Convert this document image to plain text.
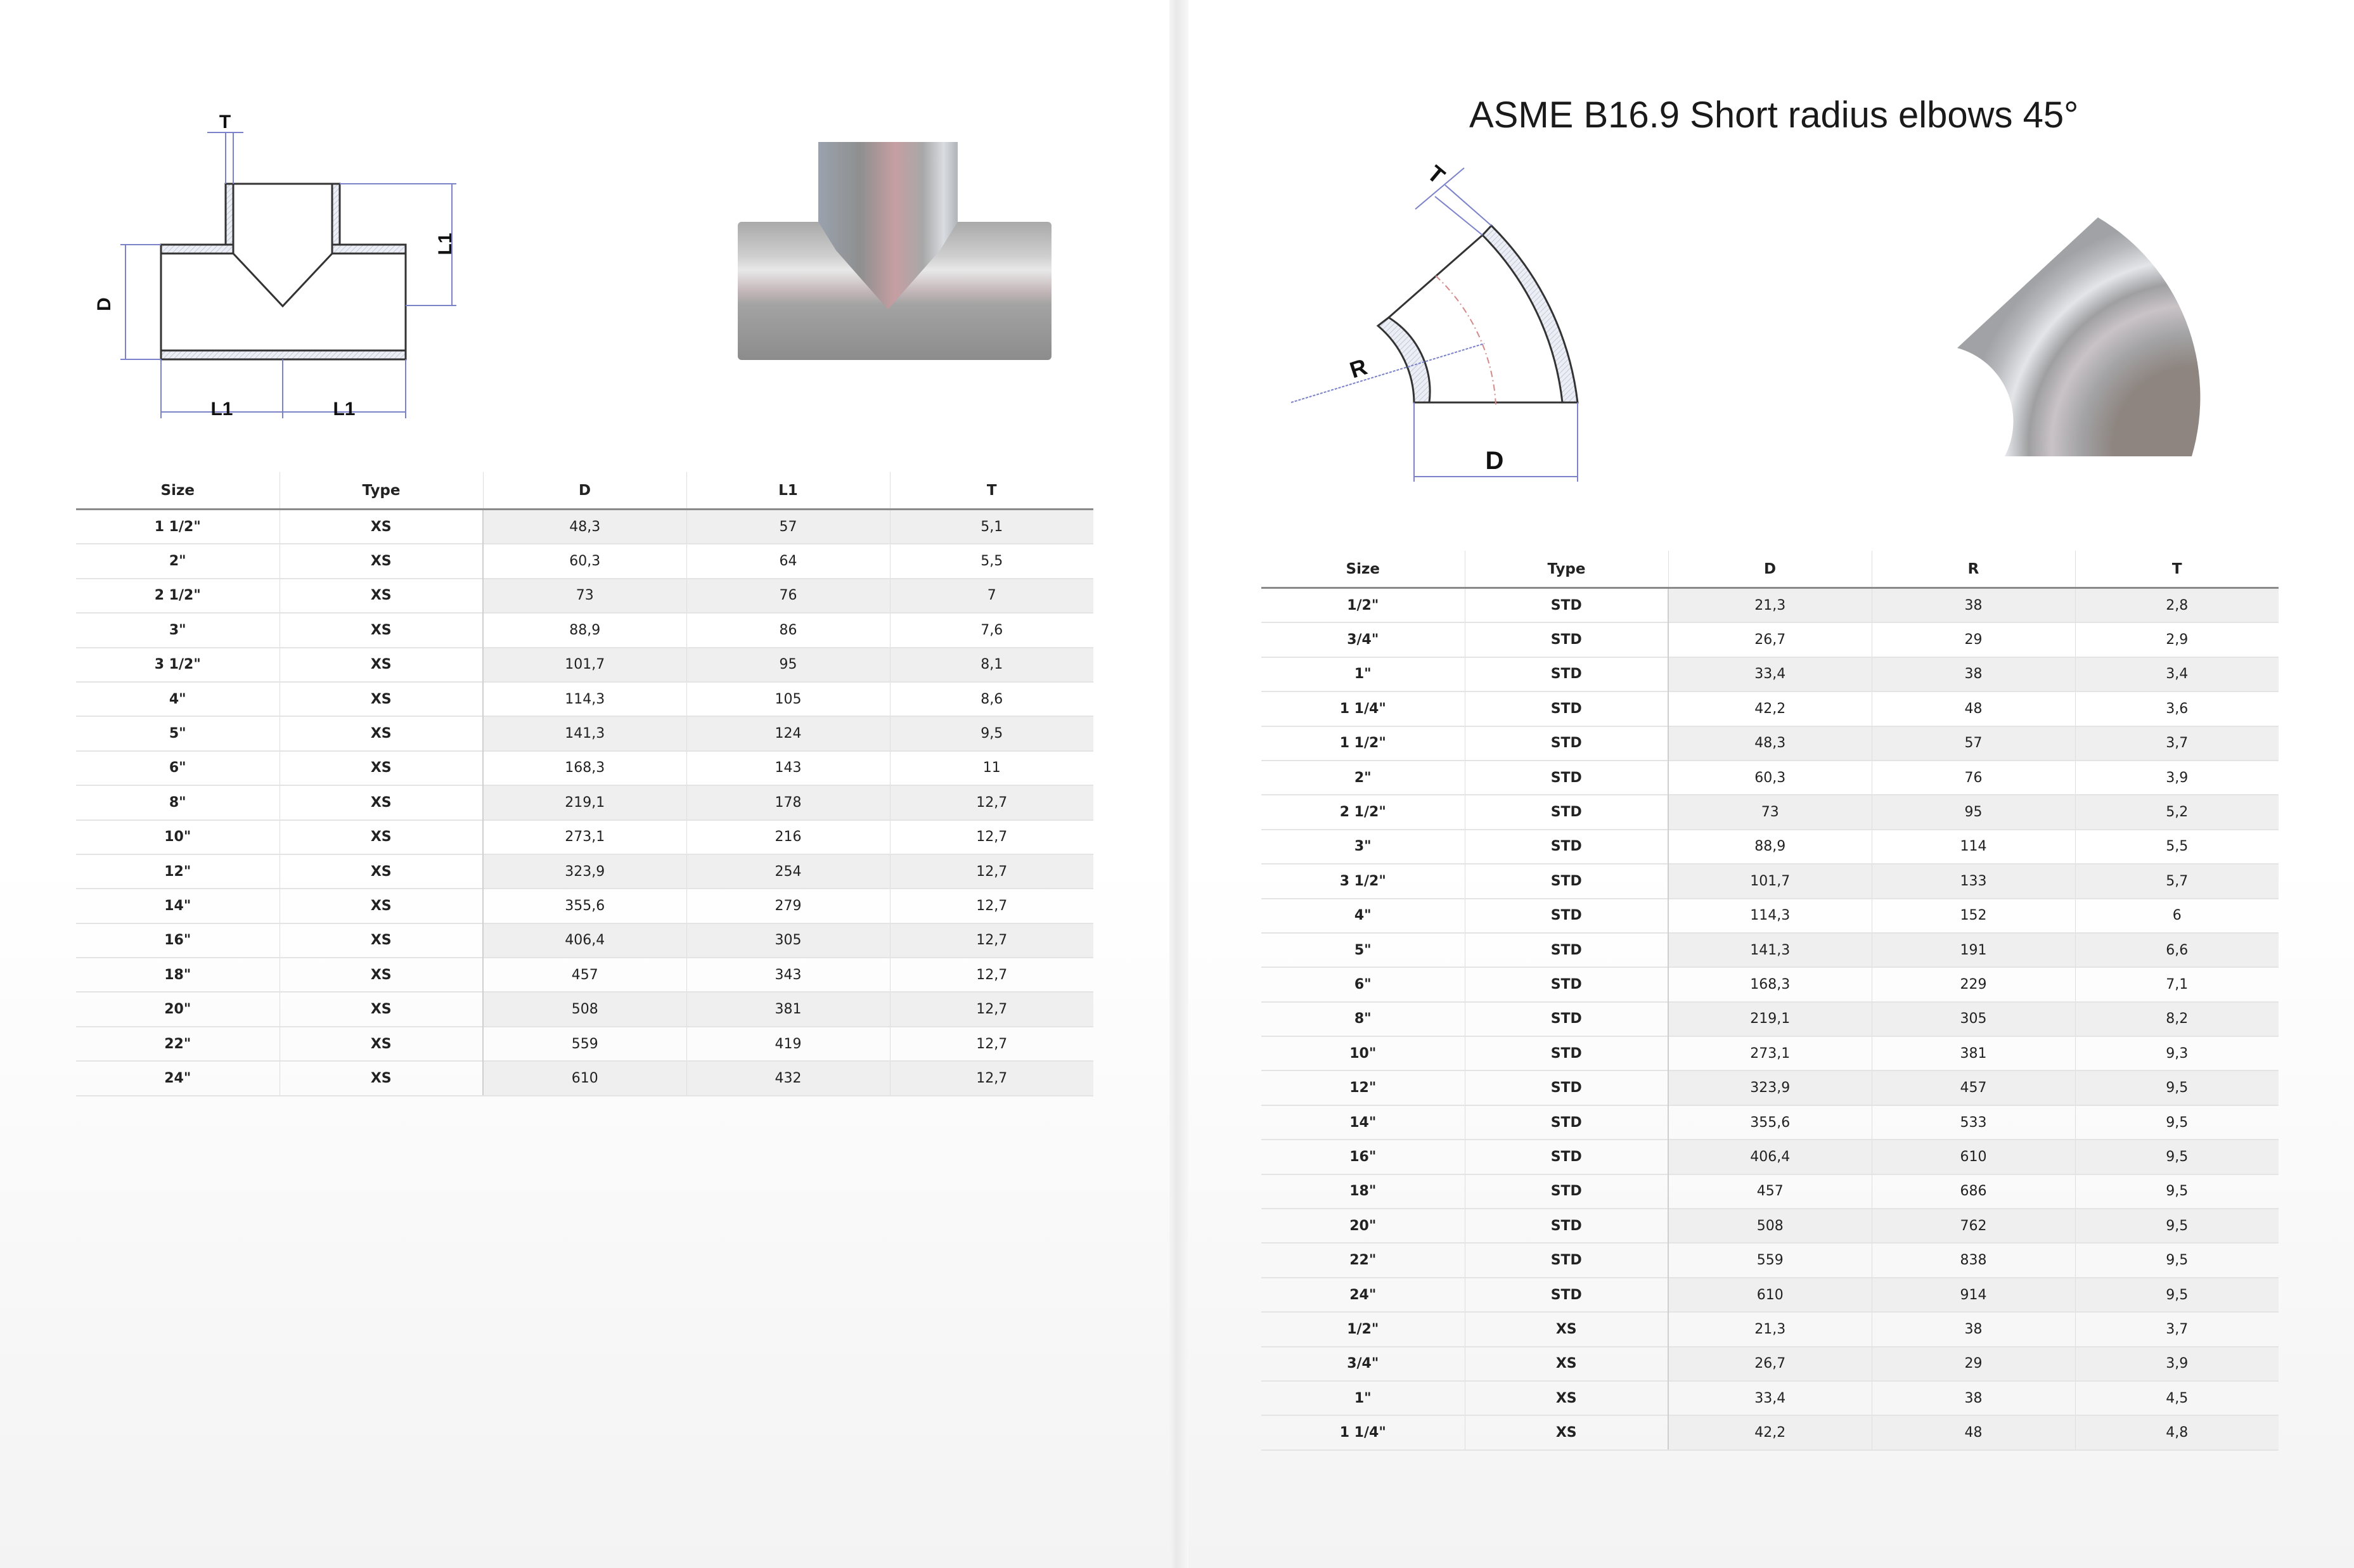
T
D
L1
L1	L1
Size	Type	D	L1	T
1 1/2"	XS	48,3	57	5,1
2"	XS	60,3	64	5,5
2 1/2"	XS	73	76	7
3"	XS	88,9	86	7,6
3 1/2"	XS	101,7	95	8,1
4"	XS	114,3	105	8,6
5"	XS	141,3	124	9,5
6"	XS	168,3	143	11
8"	XS	219,1	178	12,7
10"	XS	273,1	216	12,7
12"	XS	323,9	254	12,7
14"	XS	355,6	279	12,7
16"	XS	406,4	305	12,7
18"	XS	457	343	12,7
20"	XS	508	381	12,7
22"	XS	559	419	12,7
24"	XS	610	432	12,7
ASME B16.9 Short radius elbows 45°
T
R
D
Size	Type	D	R	T
1/2"	STD	21,3	38	2,8
3/4"	STD	26,7	29	2,9
1"	STD	33,4	38	3,4
1 1/4"	STD	42,2	48	3,6
1 1/2"	STD	48,3	57	3,7
2"	STD	60,3	76	3,9
2 1/2"	STD	73	95	5,2
3"	STD	88,9	114	5,5
3 1/2"	STD	101,7	133	5,7
4"	STD	114,3	152	6
5"	STD	141,3	191	6,6
6"	STD	168,3	229	7,1
8"	STD	219,1	305	8,2
10"	STD	273,1	381	9,3
12"	STD	323,9	457	9,5
14"	STD	355,6	533	9,5
16"	STD	406,4	610	9,5
18"	STD	457	686	9,5
20"	STD	508	762	9,5
22"	STD	559	838	9,5
24"	STD	610	914	9,5
1/2"	XS	21,3	38	3,7
3/4"	XS	26,7	29	3,9
1"	XS	33,4	38	4,5
1 1/4"	XS	42,2	48	4,8
